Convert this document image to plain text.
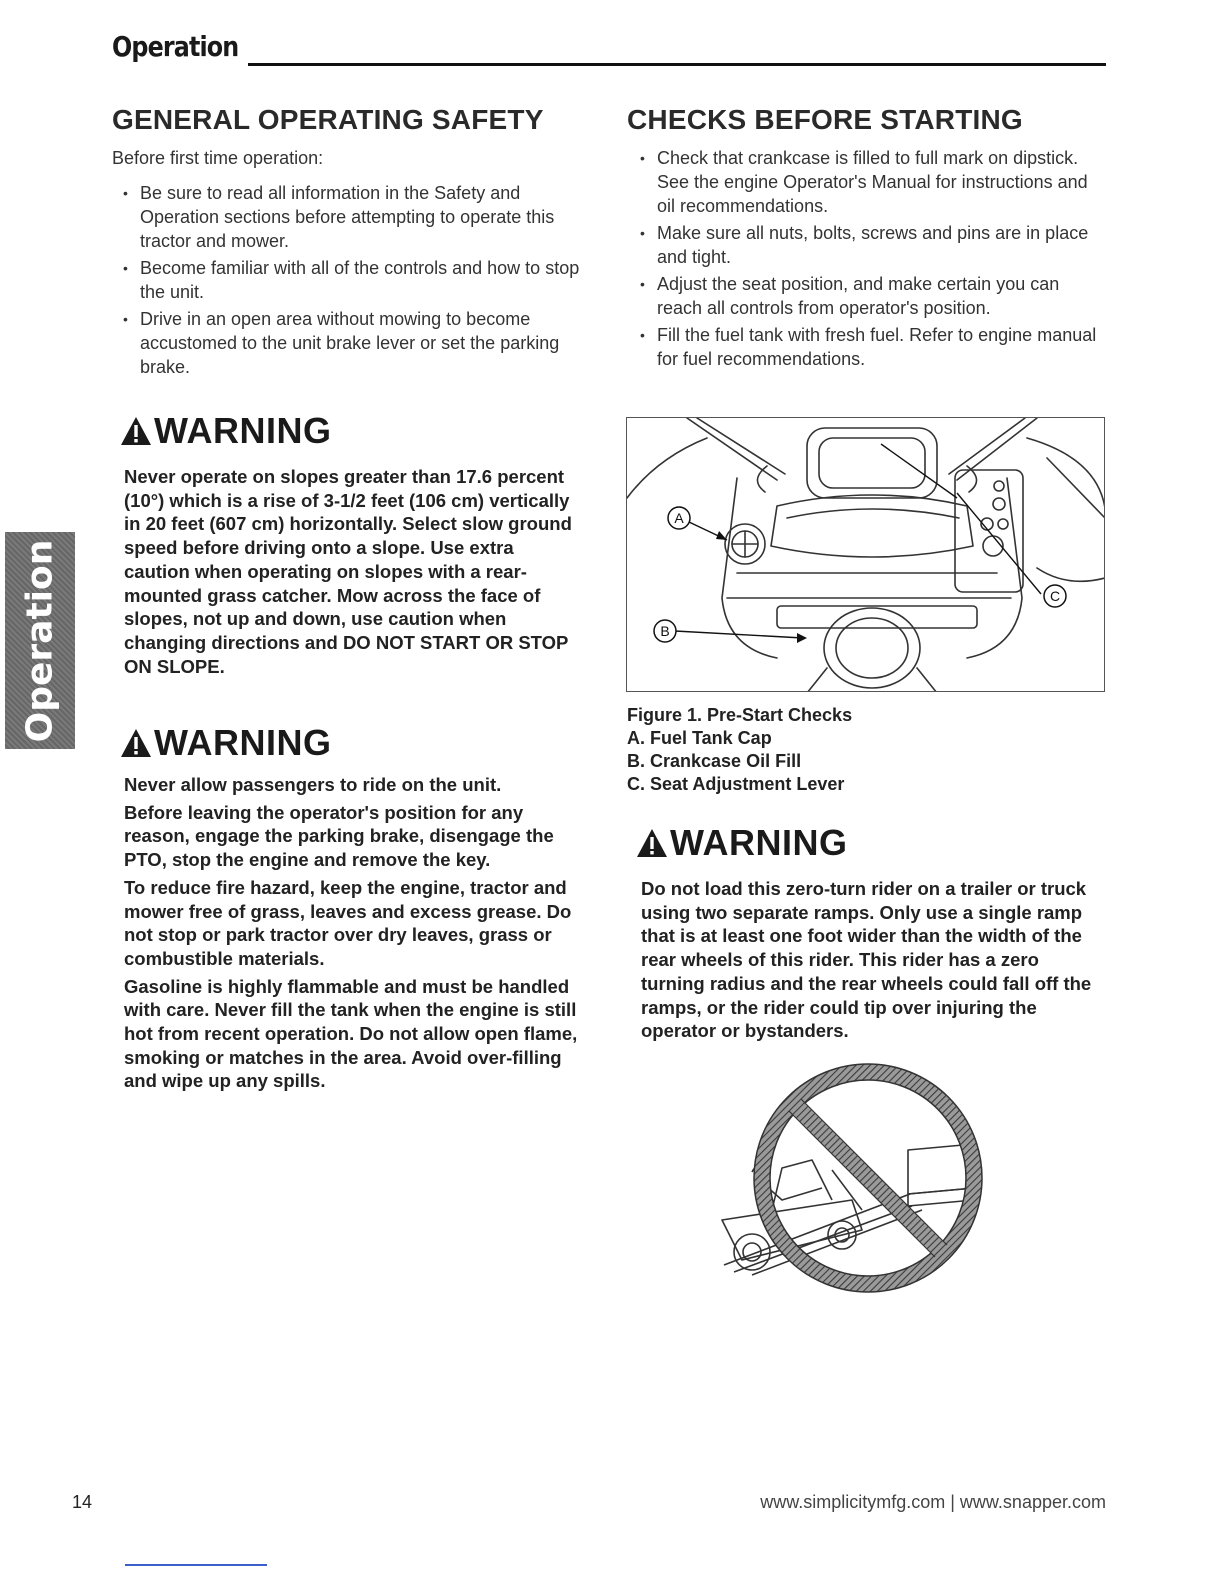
Operation
Operation
GENERAL OPERATING SAFETY
Before first time operation:
• Be sure to read all information in the Safety and Operation sections before attempting to operate this tractor and mower.
• Become familiar with all of the controls and how to stop the unit.
• Drive in an open area without mowing to become accustomed to the unit brake lever or set the parking brake.
CHECKS BEFORE STARTING
• Check that crankcase is filled to full mark on dipstick. See the engine Operator's Manual for instructions and oil recommendations.
• Make sure all nuts, bolts, screws and pins are in place and tight.
• Adjust the seat position, and make certain you can reach all controls from operator's position.
• Fill the fuel tank with fresh fuel. Refer to engine manual for fuel recommendations.
WARNING

Never operate on slopes greater than 17.6 percent (10°) which is a rise of 3-1/2 feet (106 cm) vertically in 20 feet (607 cm) horizontally. Select slow ground speed before driving onto a slope. Use extra caution when operating on slopes with a rear-mounted grass catcher. Mow across the face of slopes, not up and down, use caution when changing directions and DO NOT START OR STOP ON SLOPE.

WARNING

Never allow passengers to ride on the unit.

Before leaving the operator's position for any reason, engage the parking brake, disengage the PTO, stop the engine and remove the key.

To reduce fire hazard, keep the engine, tractor and mower free of grass, leaves and excess grease. Do not stop or park tractor over dry leaves, grass or combustible materials.

Gasoline is highly flammable and must be handled with care. Never fill the tank when the engine is still hot from recent operation. Do not allow open flame, smoking or matches in the area. Avoid over-filling and wipe up any spills.

A
B
C
Figure 1. Pre-Start Checks
A. Fuel Tank Cap
B. Crankcase Oil Fill
C. Seat Adjustment Lever
WARNING

Do not load this zero-turn rider on a trailer or truck using two separate ramps. Only use a single ramp that is at least one foot wider than the width of the rear wheels of this rider. This rider has a zero turning radius and the rear wheels could fall off the ramps, or the rider could tip over injuring the operator or bystanders.

14	www.simplicitymfg.com | www.snapper.com
